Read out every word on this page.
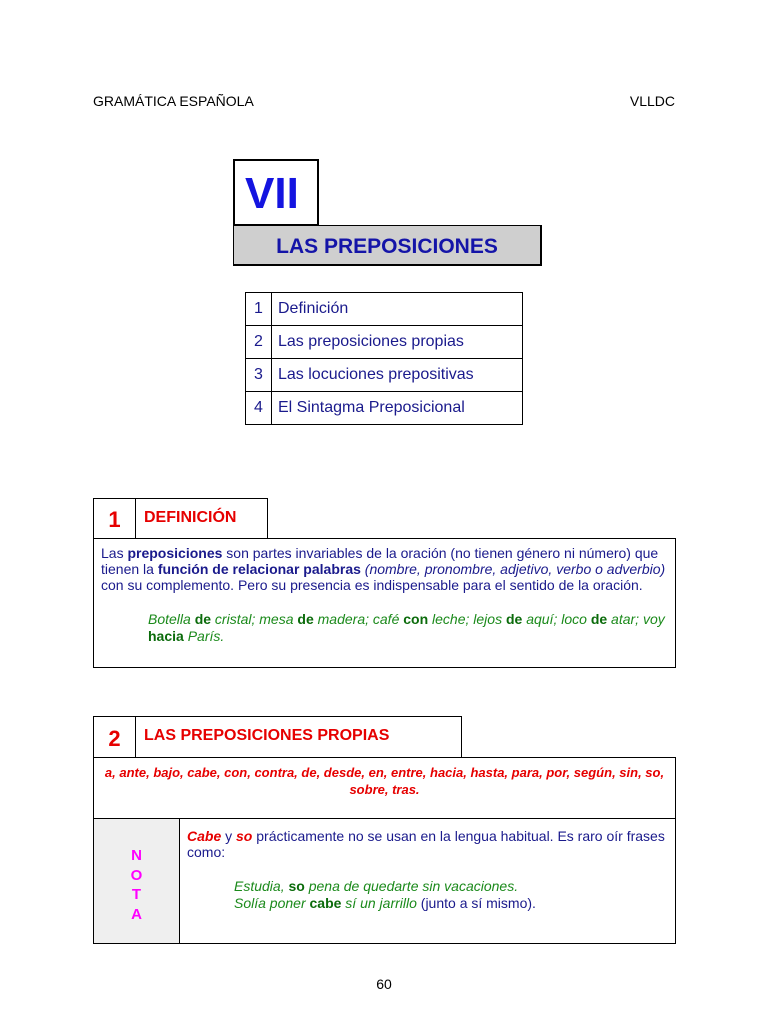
GRAMÁTICA ESPAÑOLA	VLLDC
VII
LAS PREPOSICIONES
1	Definición
2	Las preposiciones propias
3	Las locuciones prepositivas
4	El Sintagma Preposicional
1	DEFINICIÓN
Las preposiciones son partes invariables de la oración (no tienen género ni número) que tienen la función de relacionar palabras (nombre, pronombre, adjetivo, verbo o adverbio) con su complemento. Pero su presencia es indispensable para el sentido de la oración.
Botella de cristal; mesa de madera; café con leche; lejos de aquí; loco de atar; voy hacia París.
2	LAS PREPOSICIONES PROPIAS
a, ante, bajo, cabe, con, contra, de, desde, en, entre, hacia, hasta, para, por, según, sin, so, sobre, tras.
N
O
T
A
Cabe y so prácticamente no se usan en la lengua habitual. Es raro oír frases como:
Estudia, so pena de quedarte sin vacaciones.
Solía poner cabe sí un jarrillo (junto a sí mismo).
60
